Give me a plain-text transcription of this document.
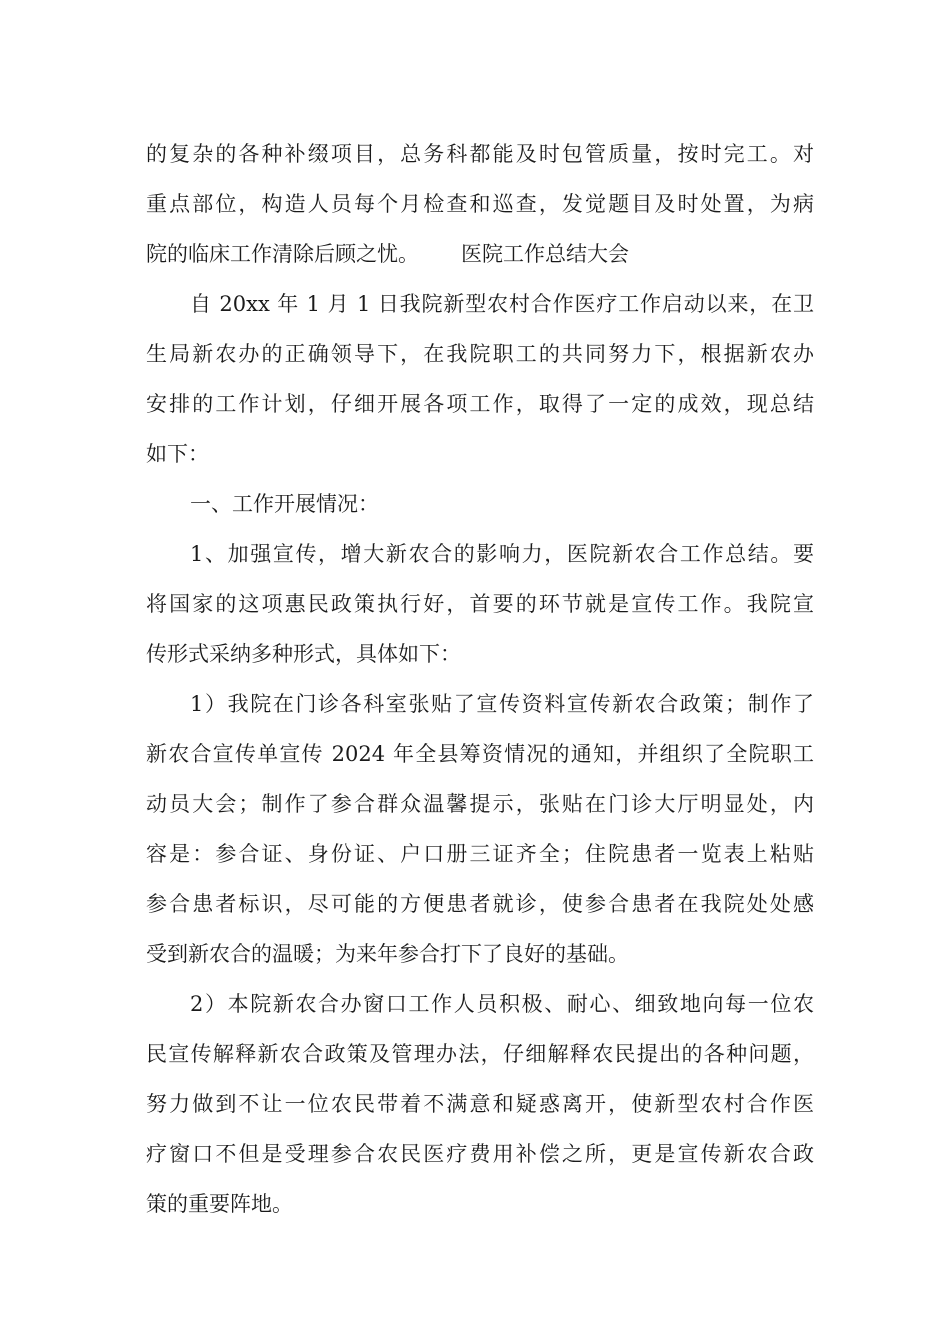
的复杂的各种补缀项目，总务科都能及时包管质量，按时完工。对
重点部位，构造人员每个月检查和巡查，发觉题目及时处置，为病
院的临床工作清除后顾之忧。 医院工作总结大会
自 20xx 年 1 月 1 日我院新型农村合作医疗工作启动以来，在卫
生局新农办的正确领导下，在我院职工的共同努力下，根据新农办
安排的工作计划，仔细开展各项工作，取得了一定的成效，现总结
如下：
一、工作开展情况：
1、加强宣传，增大新农合的影响力，医院新农合工作总结。要
将国家的这项惠民政策执行好，首要的环节就是宣传工作。我院宣
传形式采纳多种形式，具体如下：
1）我院在门诊各科室张贴了宣传资料宣传新农合政策；制作了
新农合宣传单宣传 2024 年全县筹资情况的通知，并组织了全院职工
动员大会；制作了参合群众温馨提示，张贴在门诊大厅明显处，内
容是：参合证、身份证、户口册三证齐全；住院患者一览表上粘贴
参合患者标识，尽可能的方便患者就诊，使参合患者在我院处处感
受到新农合的温暖；为来年参合打下了良好的基础。
2）本院新农合办窗口工作人员积极、耐心、细致地向每一位农
民宣传解释新农合政策及管理办法，仔细解释农民提出的各种问题，
努力做到不让一位农民带着不满意和疑惑离开，使新型农村合作医
疗窗口不但是受理参合农民医疗费用补偿之所，更是宣传新农合政
策的重要阵地。
